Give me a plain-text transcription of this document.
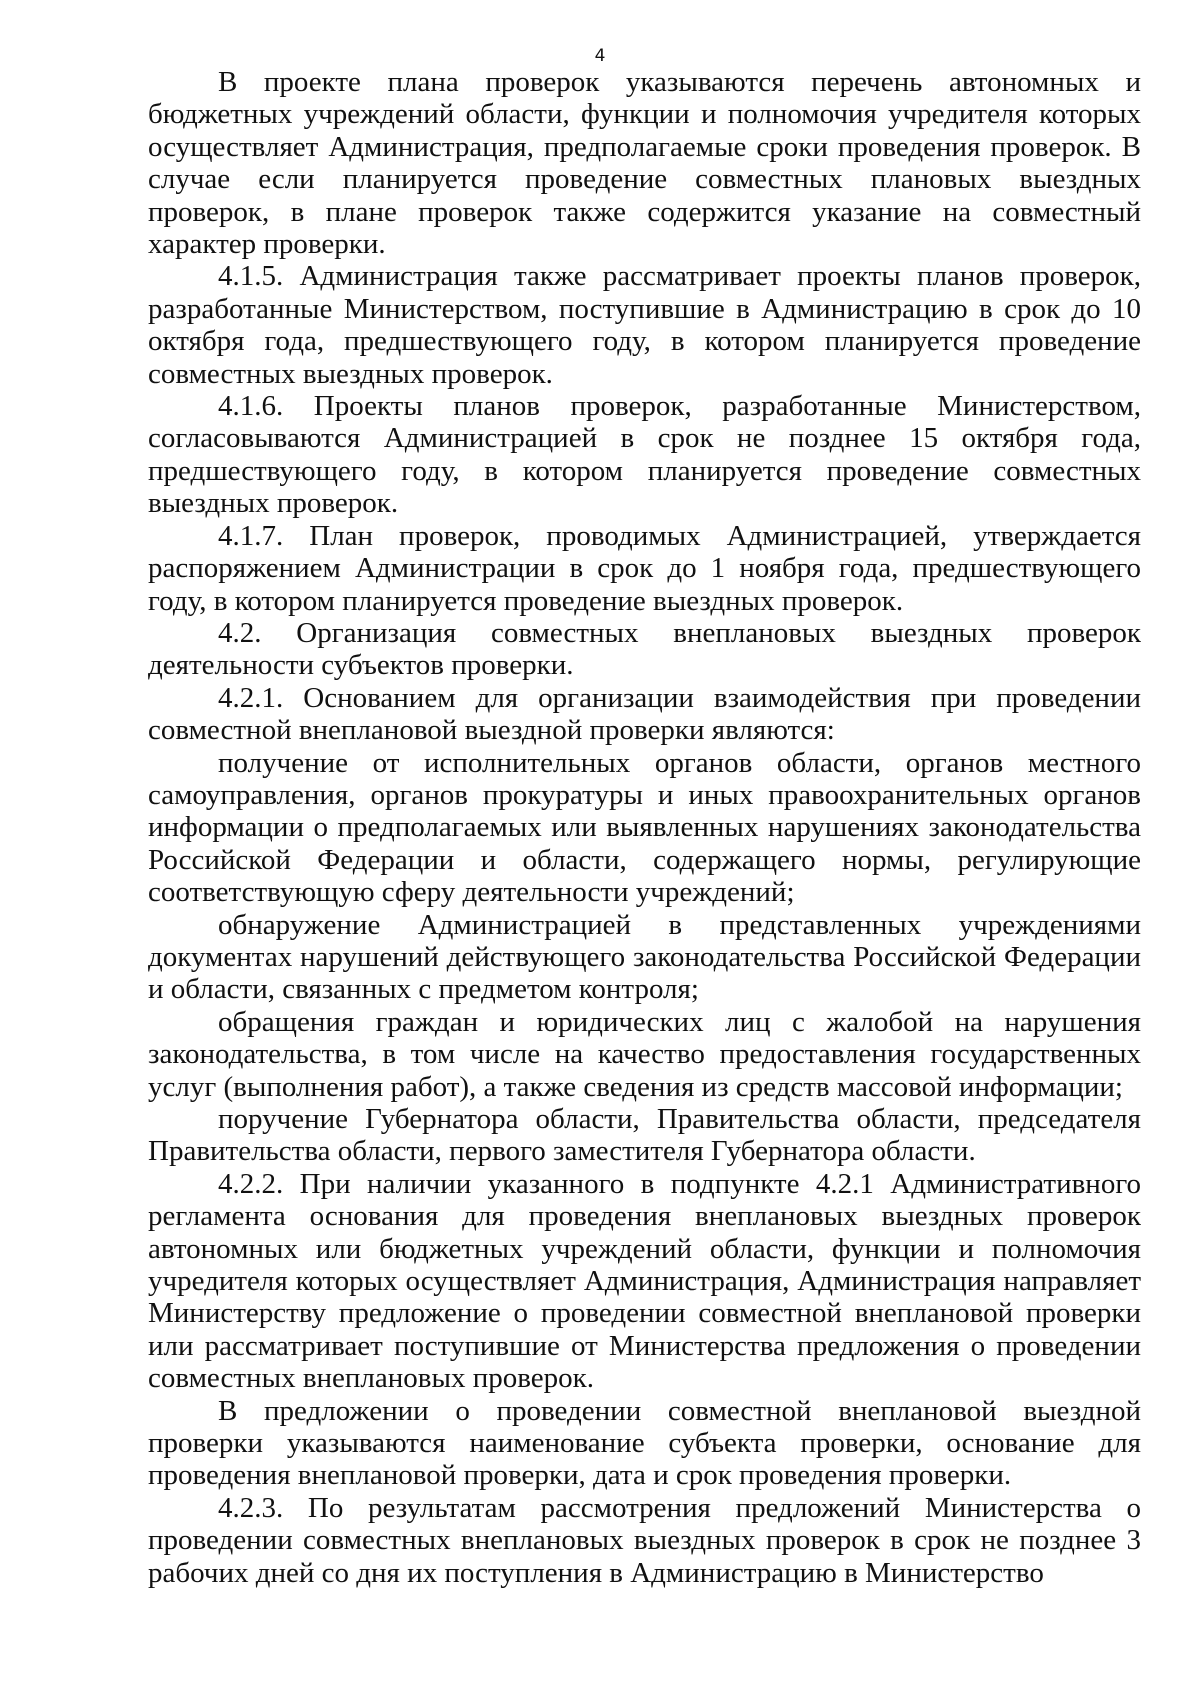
4

В проекте плана проверок указываются перечень автономных и бюджетных учреждений области, функции и полномочия учредителя которых осуществляет Администрация, предполагаемые сроки проведения проверок. В случае если планируется проведение совместных плановых выездных проверок, в плане проверок также содержится указание на совместный характер проверки.

4.1.5. Администрация также рассматривает проекты планов проверок, разработанные Министерством, поступившие в Администрацию в срок до 10 октября года, предшествующего году, в котором планируется проведение совместных выездных проверок.

4.1.6. Проекты планов проверок, разработанные Министерством, согласовываются Администрацией в срок не позднее 15 октября года, предшествующего году, в котором планируется проведение совместных выездных проверок.

4.1.7. План проверок, проводимых Администрацией, утверждается распоряжением Администрации в срок до 1 ноября года, предшествующего году, в котором планируется проведение выездных проверок.

4.2. Организация совместных внеплановых выездных проверок деятельности субъектов проверки.

4.2.1. Основанием для организации взаимодействия при проведении совместной внеплановой выездной проверки являются:

получение от исполнительных органов области, органов местного самоуправления, органов прокуратуры и иных правоохранительных органов информации о предполагаемых или выявленных нарушениях законодательства Российской Федерации и области, содержащего нормы, регулирующие соответствующую сферу деятельности учреждений;

обнаружение Администрацией в представленных учреждениями документах нарушений действующего законодательства Российской Федерации и области, связанных с предметом контроля;

обращения граждан и юридических лиц с жалобой на нарушения законодательства, в том числе на качество предоставления государственных услуг (выполнения работ), а также сведения из средств массовой информации;

поручение Губернатора области, Правительства области, председателя Правительства области, первого заместителя Губернатора области.

4.2.2. При наличии указанного в подпункте 4.2.1 Административного регламента основания для проведения внеплановых выездных проверок автономных или бюджетных учреждений области, функции и полномочия учредителя которых осуществляет Администрация, Администрация направляет Министерству предложение о проведении совместной внеплановой проверки или рассматривает поступившие от Министерства предложения о проведении совместных внеплановых проверок.

В предложении о проведении совместной внеплановой выездной проверки указываются наименование субъекта проверки, основание для проведения внеплановой проверки, дата и срок проведения проверки.

4.2.3. По результатам рассмотрения предложений Министерства о проведении совместных внеплановых выездных проверок в срок не позднее 3 рабочих дней со дня их поступления в Администрацию в Министерство
